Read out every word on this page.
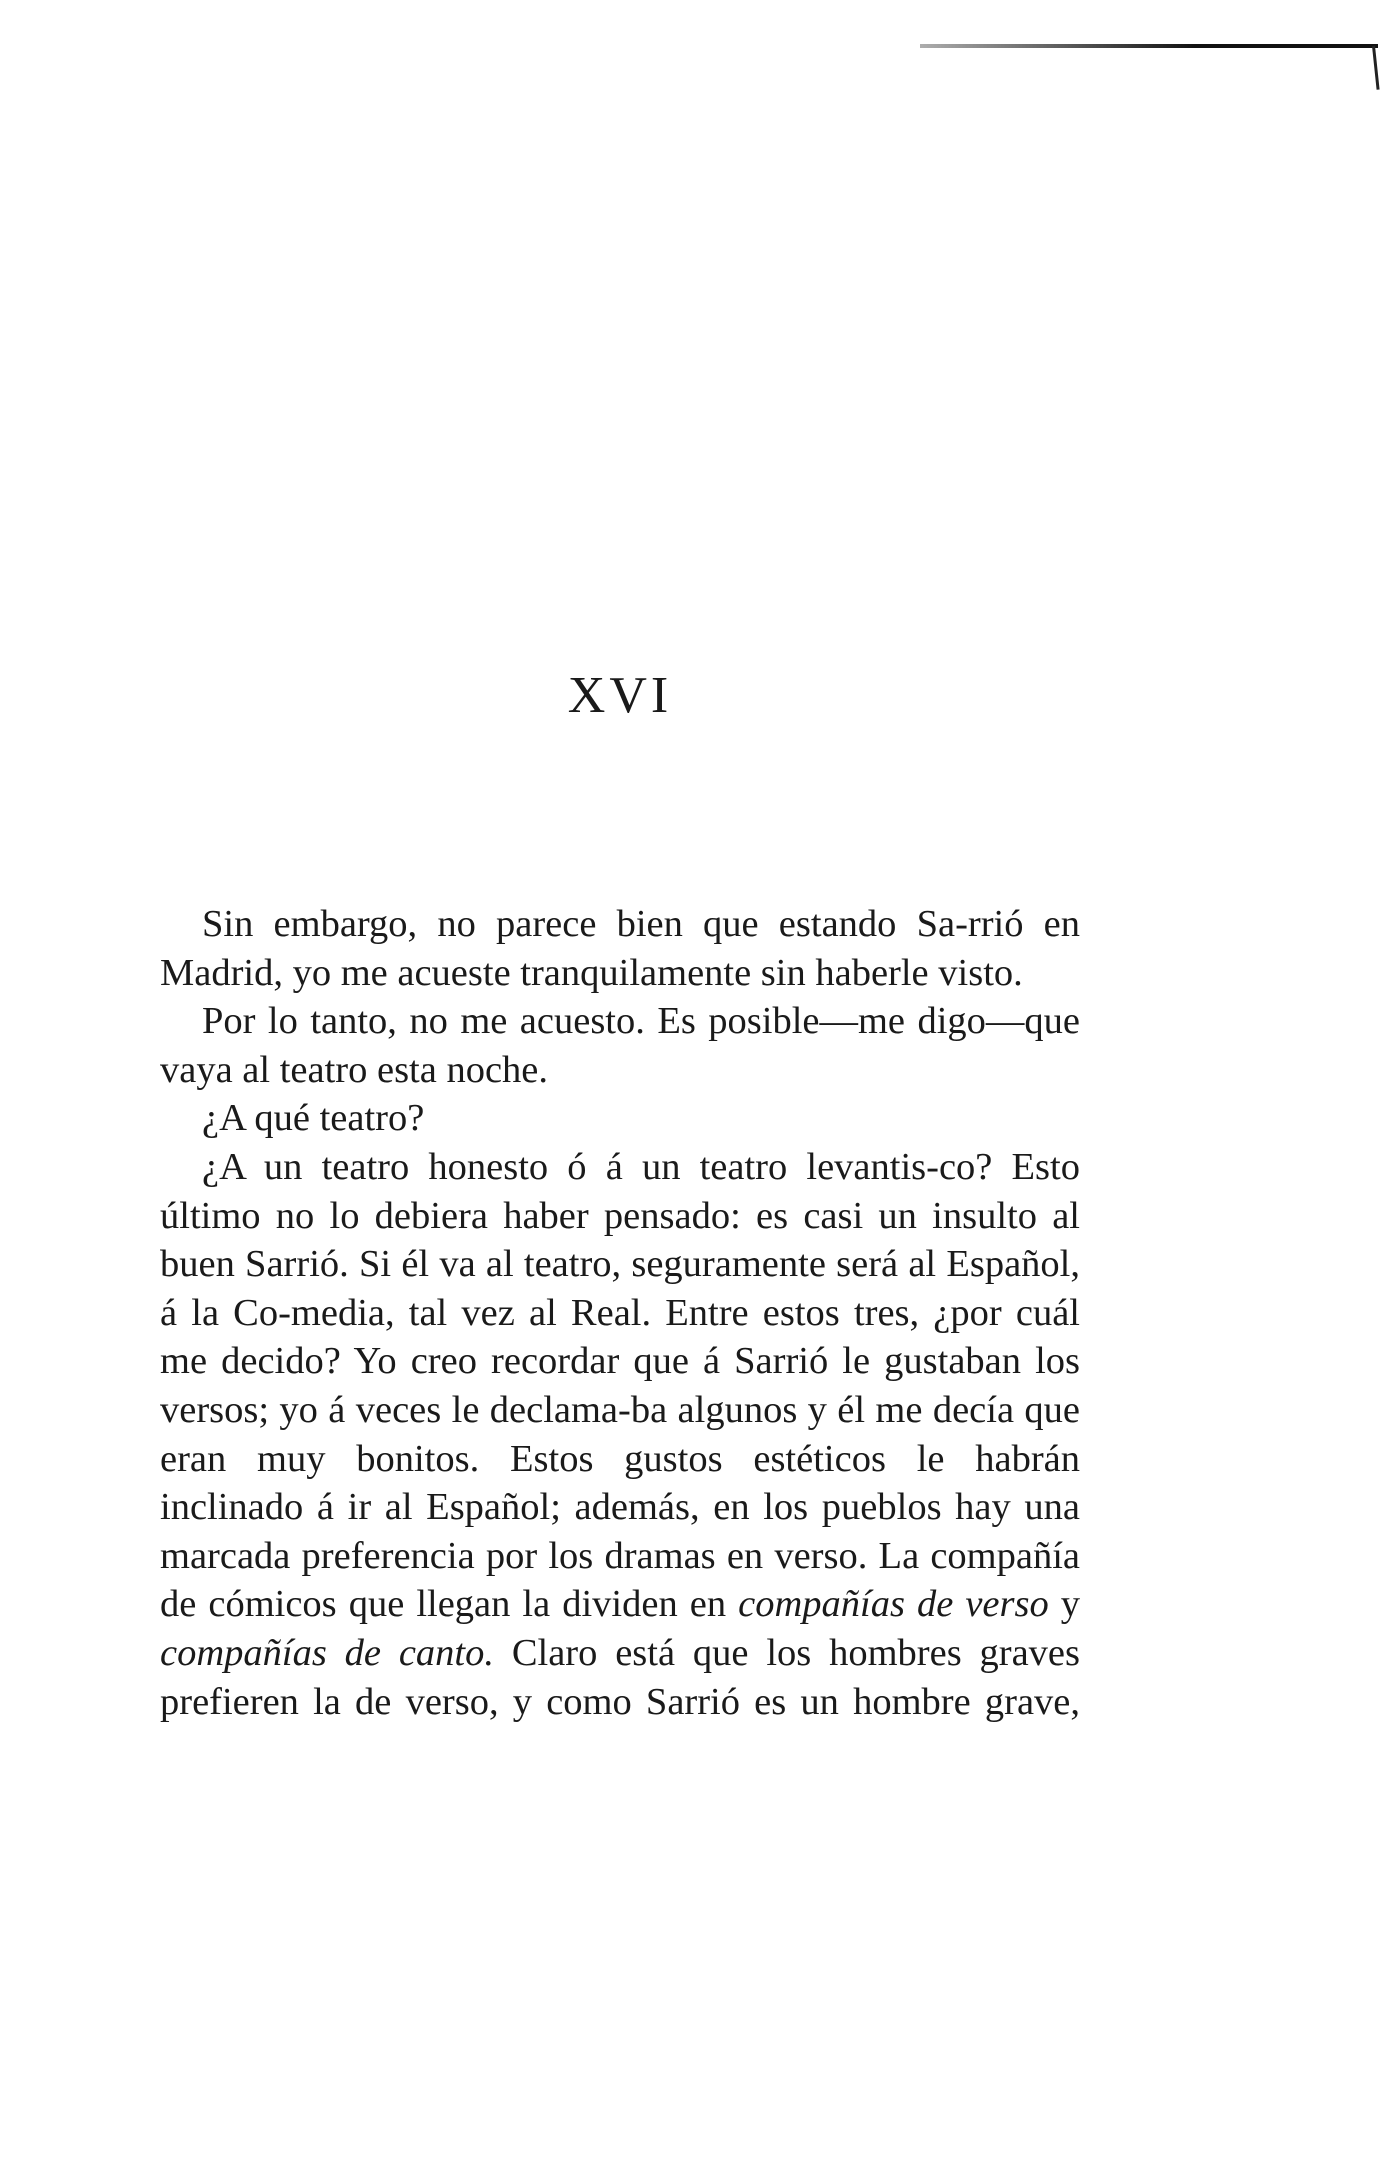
XVI

Sin embargo, no parece bien que estando Sa-rrió en Madrid, yo me acueste tranquilamente sin haberle visto.

Por lo tanto, no me acuesto. Es posible—me digo—que vaya al teatro esta noche.

¿A qué teatro?

¿A un teatro honesto ó á un teatro levantis-co? Esto último no lo debiera haber pensado: es casi un insulto al buen Sarrió. Si él va al teatro, seguramente será al Español, á la Co-media, tal vez al Real. Entre estos tres, ¿por cuál me decido? Yo creo recordar que á Sarrió le gustaban los versos; yo á veces le declama-ba algunos y él me decía que eran muy bonitos. Estos gustos estéticos le habrán inclinado á ir al Español; además, en los pueblos hay una marcada preferencia por los dramas en verso. La compañía de cómicos que llegan la dividen en compañías de verso y compañías de canto. Claro está que los hombres graves prefieren la de verso, y como Sarrió es un hombre grave,
